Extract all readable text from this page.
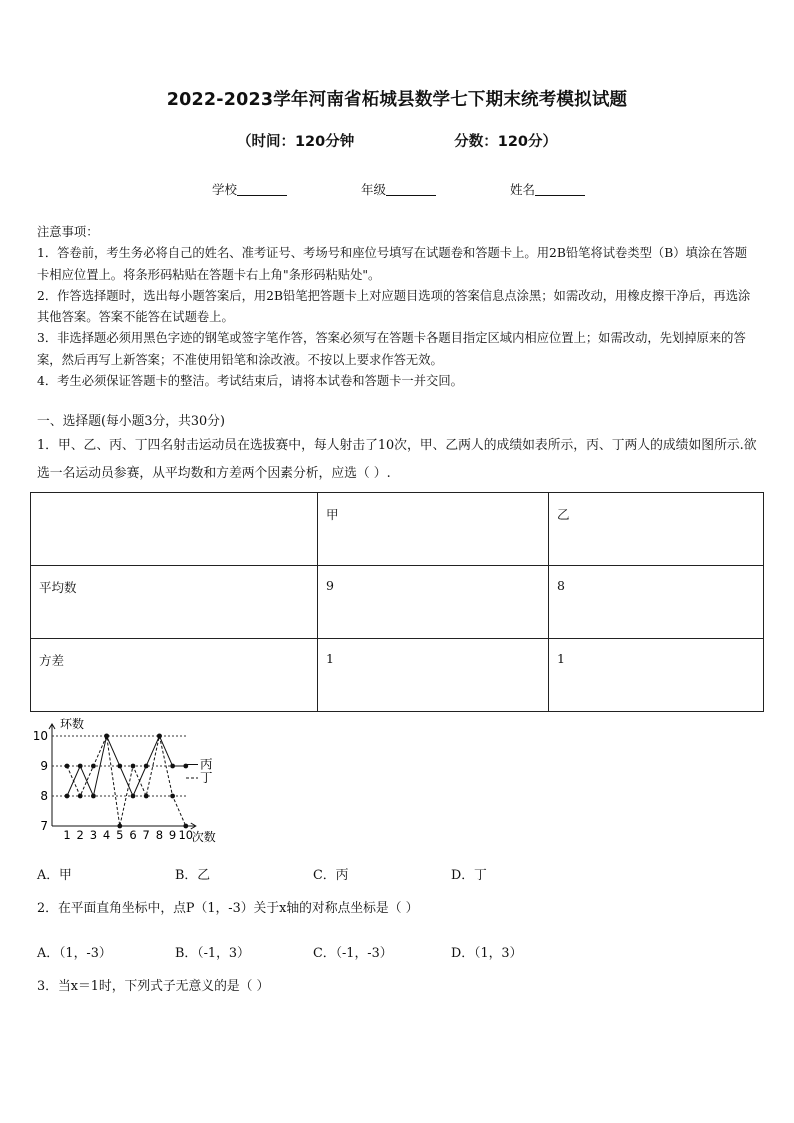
2022-2023学年河南省柘城县数学七下期末统考模拟试题
（时间：120分钟	分数：120分）
学校	年级	姓名

注意事项：

1．答卷前，考生务必将自己的姓名、准考证号、考场号和座位号填写在试题卷和答题卡上。用2B铅笔将试卷类型（B）填涂在答题卡相应位置上。将条形码粘贴在答题卡右上角"条形码粘贴处"。

2．作答选择题时，选出每小题答案后，用2B铅笔把答题卡上对应题目选项的答案信息点涂黑；如需改动，用橡皮擦干净后，再选涂其他答案。答案不能答在试题卷上。

3．非选择题必须用黑色字迹的钢笔或签字笔作答，答案必须写在答题卡各题目指定区域内相应位置上；如需改动，先划掉原来的答案，然后再写上新答案；不准使用铅笔和涂改液。不按以上要求作答无效。

4．考生必须保证答题卡的整洁。考试结束后，请将本试卷和答题卡一并交回。

一、选择题(每小题3分，共30分)
1．甲、乙、丙、丁四名射击运动员在选拔赛中，每人射击了10次，甲、乙两人的成绩如表所示，丙、丁两人的成绩如图所示.欲选一名运动员参赛，从平均数和方差两个因素分析，应选（ ）.
	甲	乙
平均数	9	8
方差	1	1
7
8
9
10
1 2 3 4 5 6 7 8 9 10
环数
次数
丙
丁
A．甲	B．乙	C．丙	D．丁
2．在平面直角坐标中，点P（1，-3）关于x轴的对称点坐标是（ ）
A．（1，-3）	B．（-1，3）	C．（-1，-3）	D．（1，3）
3．当x＝1时，下列式子无意义的是（ ）
